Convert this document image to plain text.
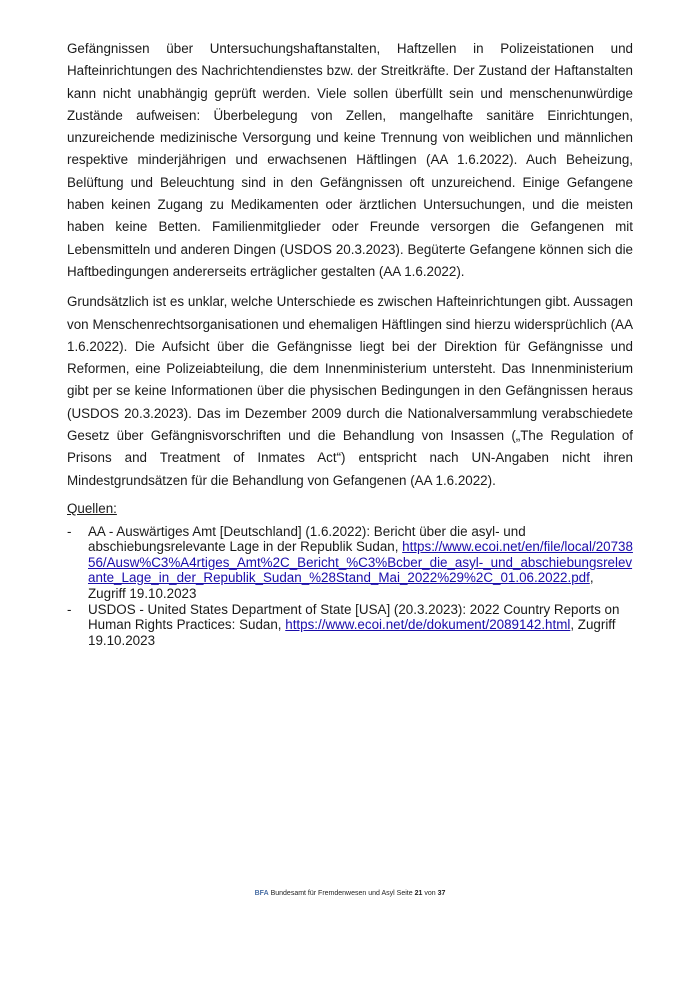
Gefängnissen über Untersuchungshaftanstalten, Haftzellen in Polizeistationen und Hafteinrichtungen des Nachrichtendienstes bzw. der Streitkräfte. Der Zustand der Haftanstalten kann nicht unabhängig geprüft werden. Viele sollen überfüllt sein und menschenunwürdige Zustände aufweisen: Überbelegung von Zellen, mangelhafte sanitäre Einrichtungen, unzureichende medizinische Versorgung und keine Trennung von weiblichen und männlichen respektive minderjährigen und erwachsenen Häftlingen (AA 1.6.2022). Auch Beheizung, Belüftung und Beleuchtung sind in den Gefängnissen oft unzureichend. Einige Gefangene haben keinen Zugang zu Medikamenten oder ärztlichen Untersuchungen, und die meisten haben keine Betten. Familienmitglieder oder Freunde versorgen die Gefangenen mit Lebensmitteln und anderen Dingen (USDOS 20.3.2023). Begüterte Gefangene können sich die Haftbedingungen andererseits erträglicher gestalten (AA 1.6.2022).

Grundsätzlich ist es unklar, welche Unterschiede es zwischen Hafteinrichtungen gibt. Aussagen von Menschenrechtsorganisationen und ehemaligen Häftlingen sind hierzu widersprüchlich (AA 1.6.2022). Die Aufsicht über die Gefängnisse liegt bei der Direktion für Gefängnisse und Reformen, eine Polizeiabteilung, die dem Innenministerium untersteht. Das Innenministerium gibt per se keine Informationen über die physischen Bedingungen in den Gefängnissen heraus (USDOS 20.3.2023). Das im Dezember 2009 durch die Nationalversammlung verabschiedete Gesetz über Gefängnisvorschriften und die Behandlung von Insassen („The Regulation of Prisons and Treatment of Inmates Act“) entspricht nach UN-Angaben nicht ihren Mindestgrundsätzen für die Behandlung von Gefangenen (AA 1.6.2022).

Quellen:
- AA - Auswärtiges Amt [Deutschland] (1.6.2022): Bericht über die asyl- und abschiebungsrelevante Lage in der Republik Sudan, https://www.ecoi.net/en/file/local/2073856/Ausw%C3%A4rtiges_Amt%2C_Bericht_%C3%Bcber_die_asyl-_und_abschiebungsrelevante_Lage_in_der_Republik_Sudan_%28Stand_Mai_2022%29%2C_01.06.2022.pdf, Zugriff 19.10.2023
- USDOS - United States Department of State [USA] (20.3.2023): 2022 Country Reports on Human Rights Practices: Sudan, https://www.ecoi.net/de/dokument/2089142.html, Zugriff 19.10.2023
BFA Bundesamt für Fremdenwesen und Asyl Seite 21 von 37
